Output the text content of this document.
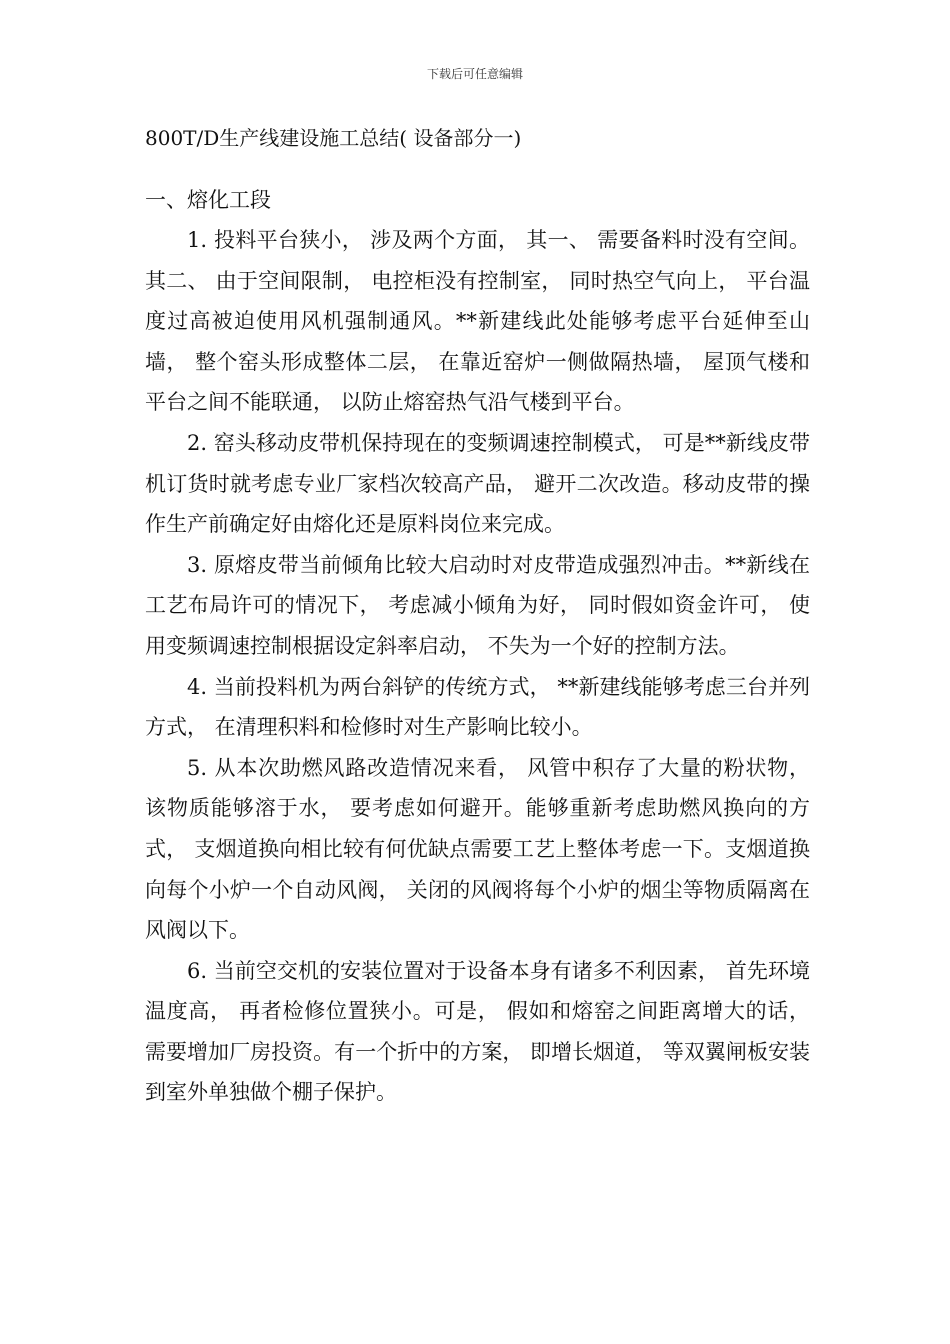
下载后可任意编辑
800T/D生产线建设施工总结( 设备部分一)
一、熔化工段

1. 投料平台狭小， 涉及两个方面， 其一、 需要备料时没有空间。其二、 由于空间限制， 电控柜没有控制室， 同时热空气向上， 平台温度过高被迫使用风机强制通风。**新建线此处能够考虑平台延伸至山墙， 整个窑头形成整体二层， 在靠近窑炉一侧做隔热墙， 屋顶气楼和平台之间不能联通， 以防止熔窑热气沿气楼到平台。

2. 窑头移动皮带机保持现在的变频调速控制模式， 可是**新线皮带机订货时就考虑专业厂家档次较高产品， 避开二次改造。移动皮带的操作生产前确定好由熔化还是原料岗位来完成。

3. 原熔皮带当前倾角比较大启动时对皮带造成强烈冲击。**新线在工艺布局许可的情况下， 考虑减小倾角为好， 同时假如资金许可， 使用变频调速控制根据设定斜率启动， 不失为一个好的控制方法。

4. 当前投料机为两台斜铲的传统方式， **新建线能够考虑三台并列方式， 在清理积料和检修时对生产影响比较小。

5. 从本次助燃风路改造情况来看， 风管中积存了大量的粉状物， 该物质能够溶于水， 要考虑如何避开。能够重新考虑助燃风换向的方式， 支烟道换向相比较有何优缺点需要工艺上整体考虑一下。支烟道换向每个小炉一个自动风阀， 关闭的风阀将每个小炉的烟尘等物质隔离在风阀以下。

6. 当前空交机的安装位置对于设备本身有诸多不利因素， 首先环境温度高， 再者检修位置狭小。可是， 假如和熔窑之间距离增大的话， 需要增加厂房投资。有一个折中的方案， 即增长烟道， 等双翼闸板安装到室外单独做个棚子保护。
